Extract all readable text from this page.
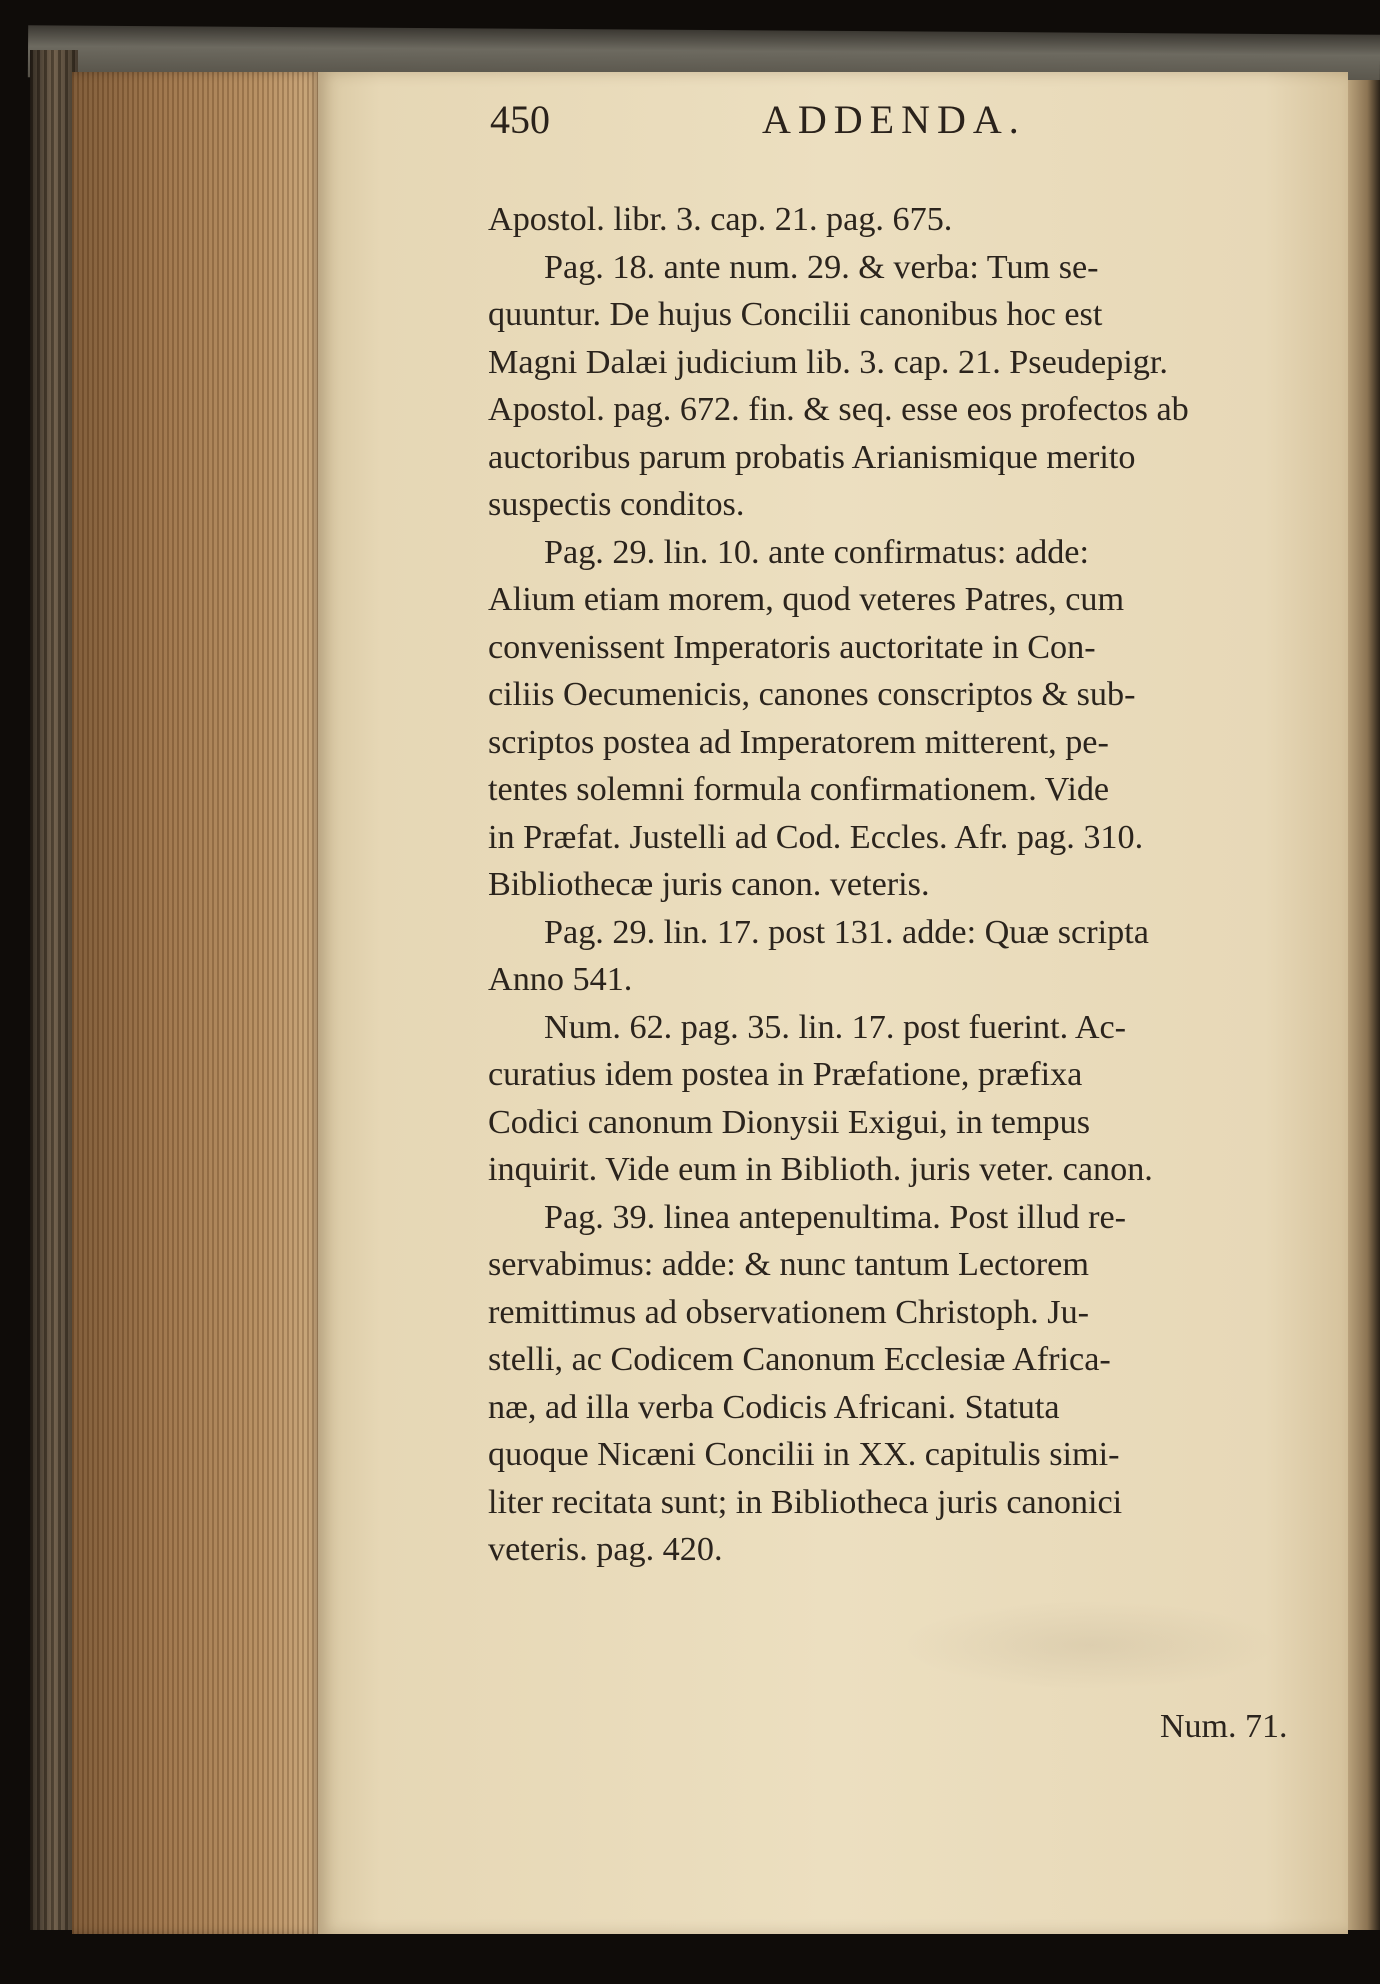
450	ADDENDA.

Apostol. libr. 3. cap. 21. pag. 675.

Pag. 18. ante num. 29. & verba: Tum se-

quuntur. De hujus Concilii canonibus hoc est

Magni Dalæi judicium lib. 3. cap. 21. Pseudepigr.

Apostol. pag. 672. fin. & seq. esse eos profectos ab

auctoribus parum probatis Arianismique merito

suspectis conditos.

Pag. 29. lin. 10. ante confirmatus: adde:

Alium etiam morem, quod veteres Patres, cum

convenissent Imperatoris auctoritate in Con-

ciliis Oecumenicis, canones conscriptos & sub-

scriptos postea ad Imperatorem mitterent, pe-

tentes solemni formula confirmationem. Vide

in Præfat. Justelli ad Cod. Eccles. Afr. pag. 310.

Bibliothecæ juris canon. veteris.

Pag. 29. lin. 17. post 131. adde: Quæ scripta

Anno 541.

Num. 62. pag. 35. lin. 17. post fuerint. Ac-

curatius idem postea in Præfatione, præfixa

Codici canonum Dionysii Exigui, in tempus

inquirit. Vide eum in Biblioth. juris veter. canon.

Pag. 39. linea antepenultima. Post illud re-

servabimus: adde: & nunc tantum Lectorem

remittimus ad observationem Christoph. Ju-

stelli, ac Codicem Canonum Ecclesiæ Africa-

næ, ad illa verba Codicis Africani. Statuta

quoque Nicæni Concilii in XX. capitulis simi-

liter recitata sunt; in Bibliotheca juris canonici

veteris. pag. 420.

Num. 71.
